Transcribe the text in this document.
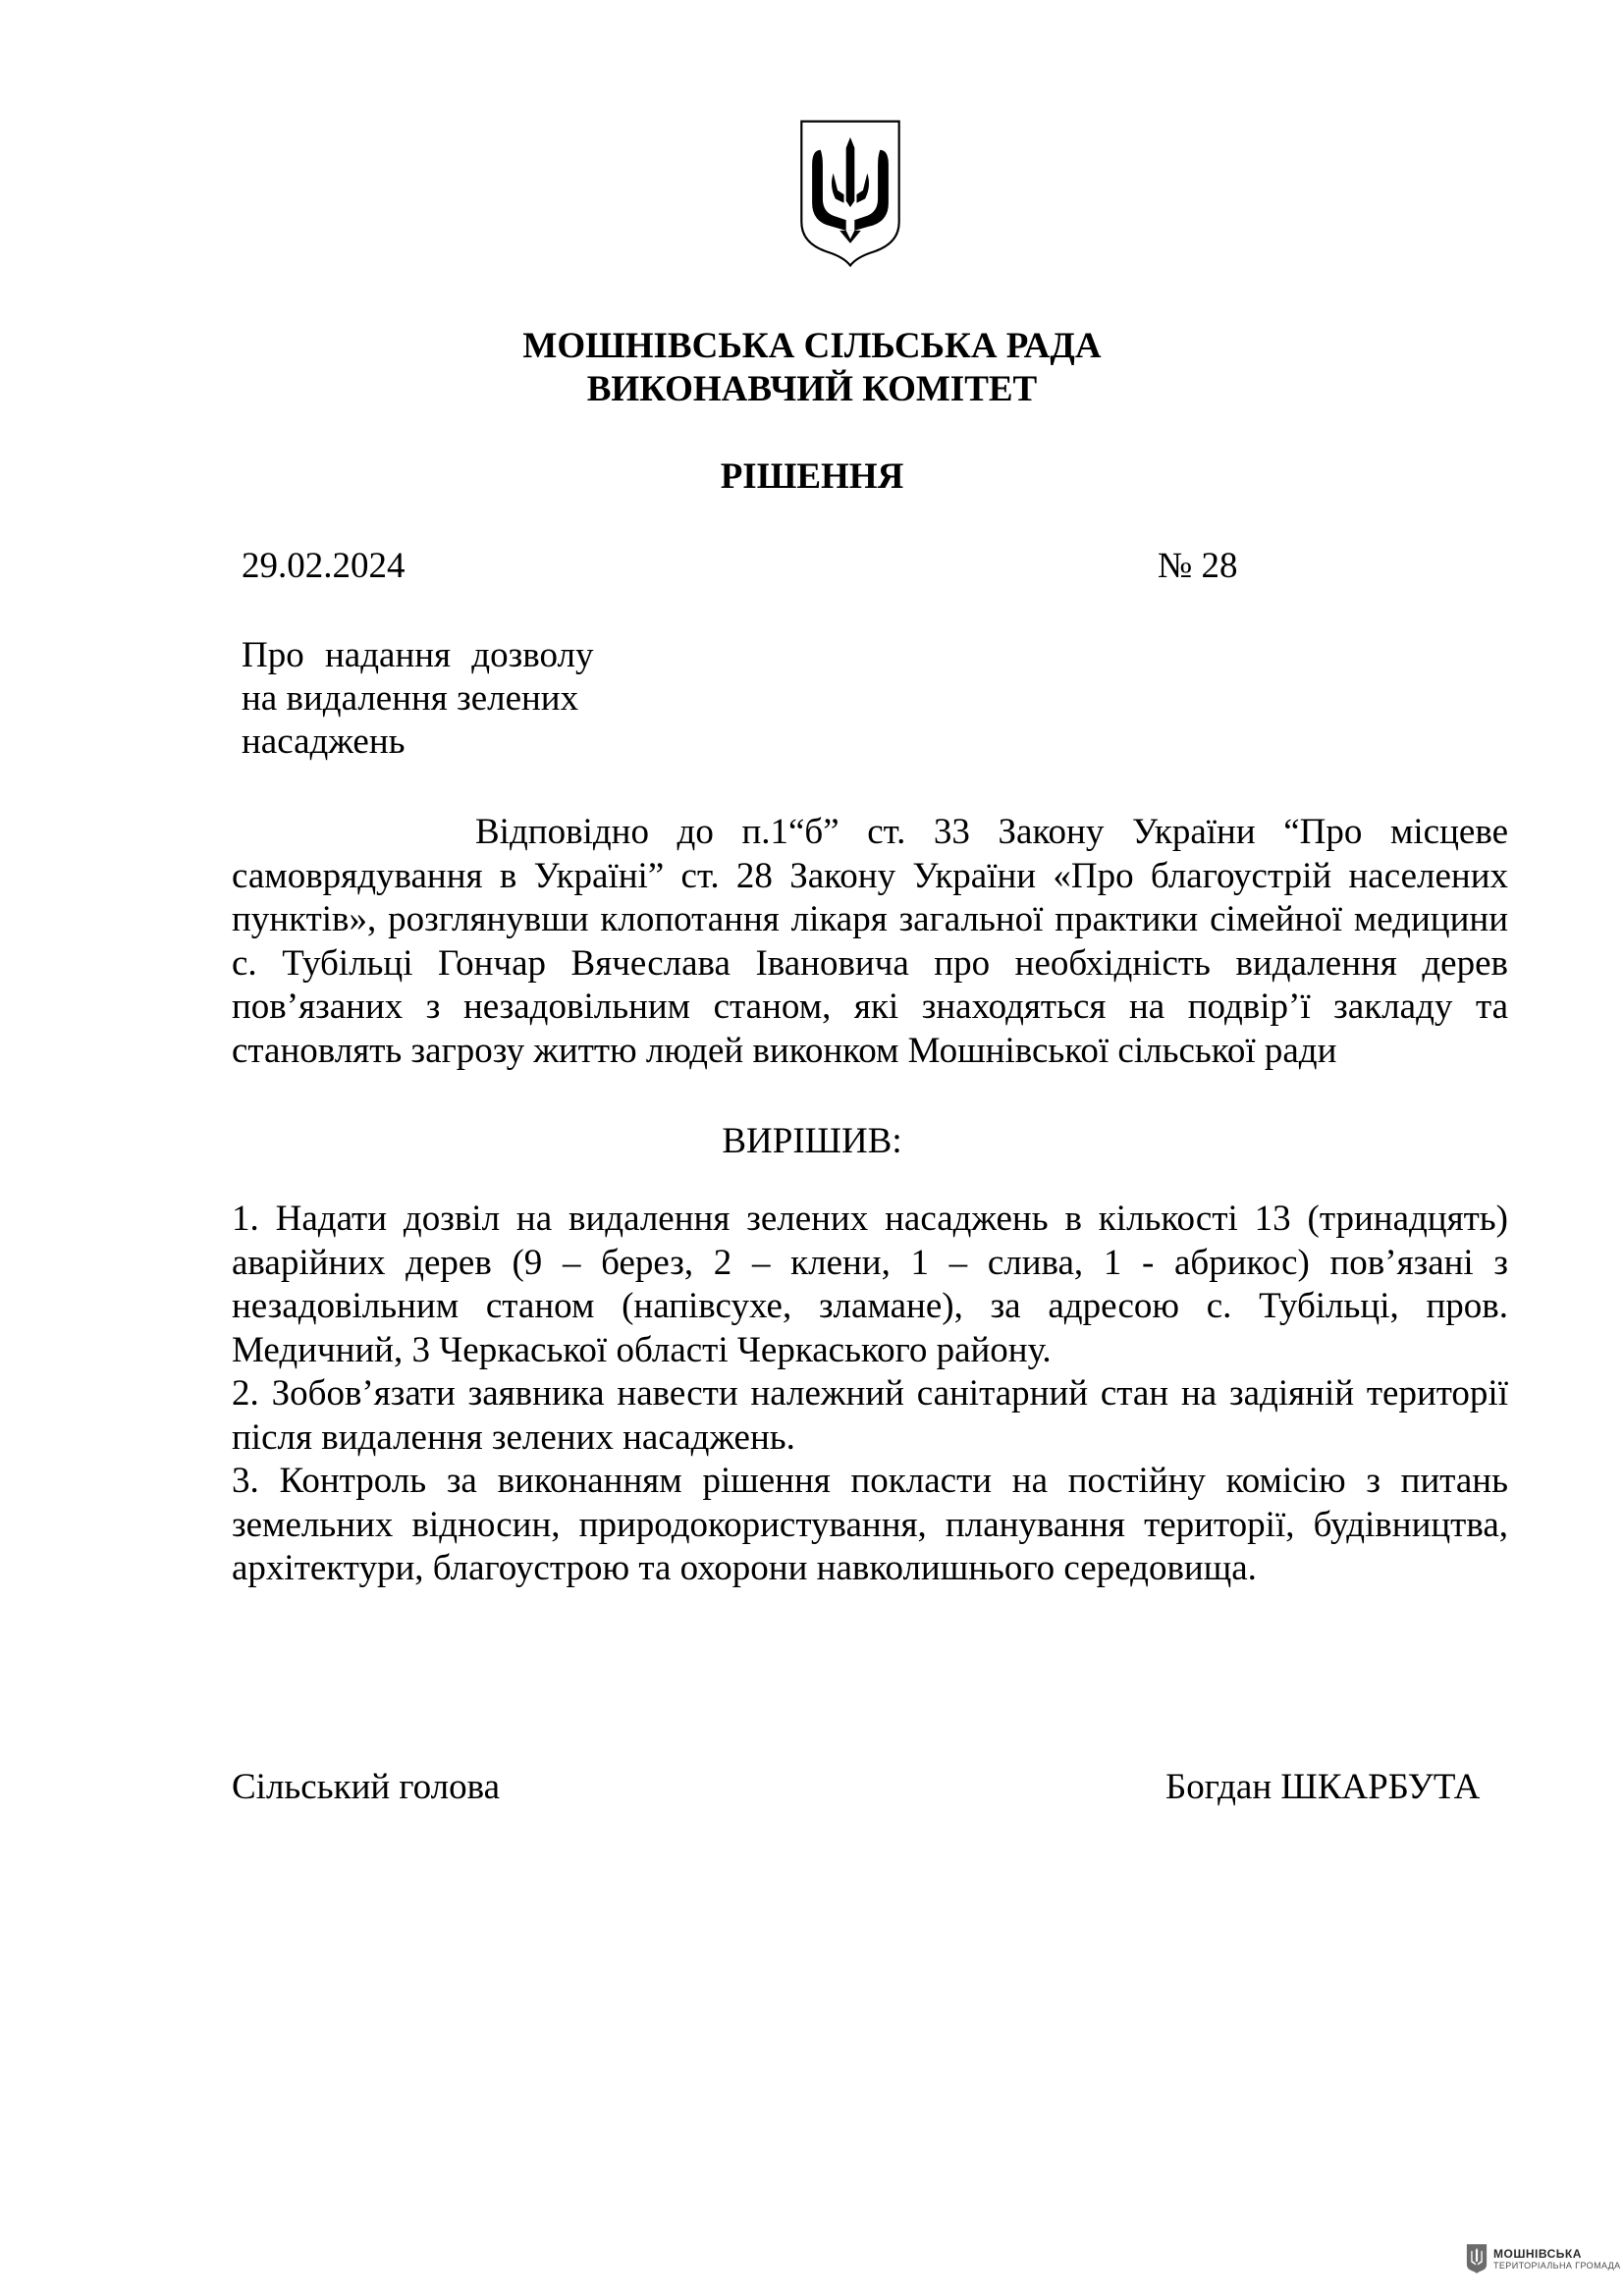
МОШНІВСЬКА СІЛЬСЬКА РАДА
ВИКОНАВЧИЙ КОМІТЕТ
РІШЕННЯ
29.02.2024	№ 28
Про надання дозволу
на видалення зелених
насаджень
Відповідно до п.1“б” ст. 33 Закону України “Про місцеве самоврядування в Україні” ст. 28 Закону України «Про благоустрій населених пунктів», розглянувши клопотання лікаря загальної практики сімейної медицини с. Тубільці Гончар Вячеслава Івановича про необхідність видалення дерев пов’язаних з незадовільним станом, які знаходяться на подвір’ї закладу та становлять загрозу життю людей виконком Мошнівської сільської ради
ВИРІШИВ:

1. Надати дозвіл на видалення зелених насаджень в кількості 13 (тринадцять) аварійних дерев (9 – берез, 2 – клени, 1 – слива, 1 - абрикос) пов’язані з незадовільним станом (напівсухе, зламане), за адресою с. Тубільці, пров. Медичний, 3 Черкаської області Черкаського району.

2. Зобов’язати заявника навести належний санітарний стан на задіяній території після видалення зелених насаджень.

3. Контроль за виконанням рішення покласти на постійну комісію з питань земельних відносин, природокористування, планування території, будівництва, архітектури, благоустрою та охорони навколишнього середовища.

Сільський голова	Богдан ШКАРБУТА
МОШНІВСЬКА
ТЕРИТОРІАЛЬНА ГРОМАДА
